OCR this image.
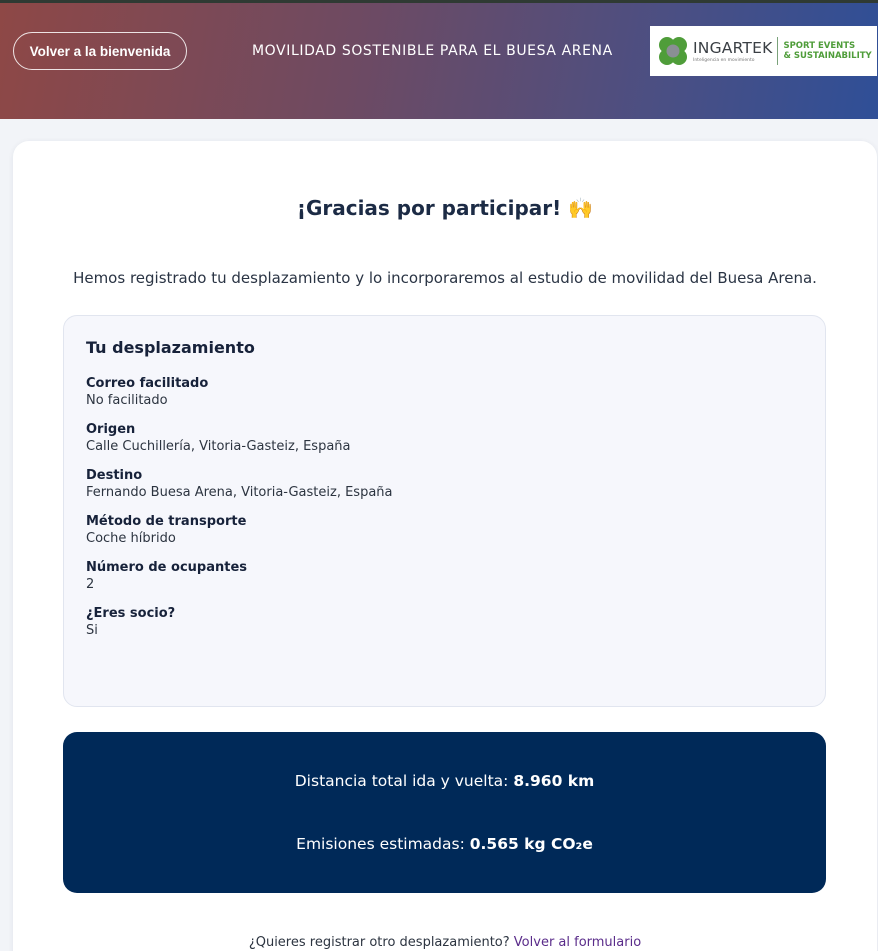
Volver a la bienvenida	MOVILIDAD SOSTENIBLE PARA EL BUESA ARENA	INGARTEK
Inteligencia en movimiento
SPORT EVENTS
& SUSTAINABILITY
¡Gracias por participar! 🙌

Hemos registrado tu desplazamiento y lo incorporaremos al estudio de movilidad del Buesa Arena.

Tu desplazamiento
Correo facilitado
No facilitado
Origen
Calle Cuchillería, Vitoria-Gasteiz, España
Destino
Fernando Buesa Arena, Vitoria-Gasteiz, España
Método de transporte
Coche híbrido
Número de ocupantes
2
¿Eres socio?
Si
Distancia total ida y vuelta: 8.960 km
Emisiones estimadas: 0.565 kg CO₂e

¿Quieres registrar otro desplazamiento? Volver al formulario
